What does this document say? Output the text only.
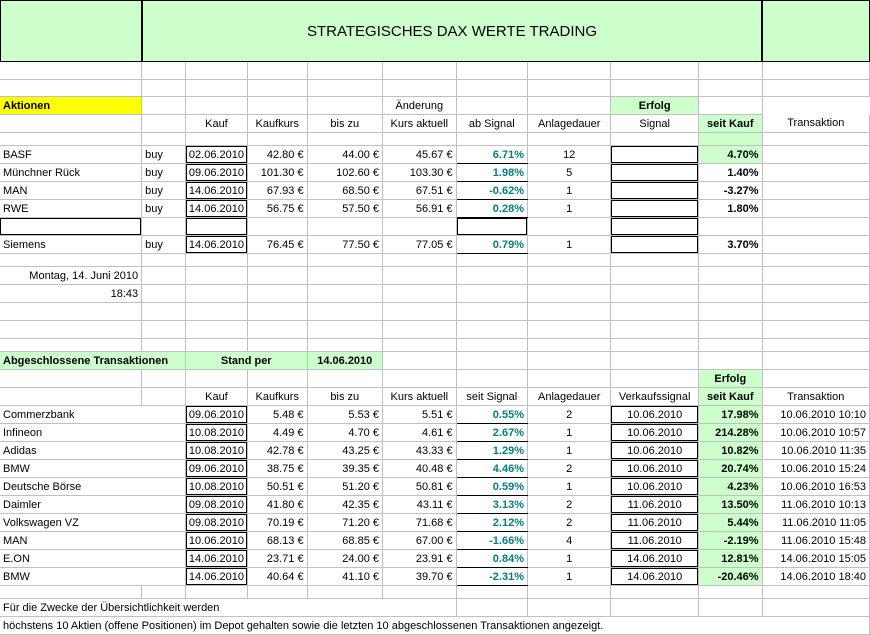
STRATEGISCHES DAX WERTE TRADING

Aktionen					Änderung			Erfolg		
		Kauf	Kaufkurs	bis zu	Kurs aktuell	ab Signal	Anlagedauer	Signal	seit Kauf	Transaktion

BASF	buy	02.06.2010	42.80 €	44.00 €	45.67 €	6.71%	12		4.70%	
Münchner Rück	buy	09.06.2010	101.30 €	102.60 €	103.30 €	1.98%	5		1.40%	
MAN	buy	14.06.2010	67.93 €	68.50 €	67.51 €	-0.62%	1		-3.27%	
RWE	buy	14.06.2010	56.75 €	57.50 €	56.91 €	0.28%	1		1.80%	

Siemens	buy	14.06.2010	76.45 €	77.50 €	77.05 €	0.79%	1		3.70%	

Montag, 14. Juni 2010										
18:43										

Abgeschlossene Transaktionen		Stand per		14.06.2010						
									Erfolg	
		Kauf	Kaufkurs	bis zu	Kurs aktuell	seit Signal	Anlagedauer	Verkaufssignal	seit Kauf	Transaktion
Commerzbank		09.06.2010	5.48 €	5.53 €	5.51 €	0.55%	2	10.06.2010	17.98%	10.06.2010 10:10
Infineon		10.08.2010	4.49 €	4.70 €	4.61 €	2.67%	1	10.06.2010	214.28%	10.06.2010 10:57
Adidas		10.08.2010	42.78 €	43.25 €	43.33 €	1.29%	1	10.06.2010	10.82%	10.06.2010 11:35
BMW		09.06.2010	38.75 €	39.35 €	40.48 €	4.46%	2	10.06.2010	20.74%	10.06.2010 15:24
Deutsche Börse		10.08.2010	50.51 €	51.20 €	50.81 €	0.59%	1	10.06.2010	4.23%	10.06.2010 16:53
Daimler		09.08.2010	41.80 €	42.35 €	43.11 €	3.13%	2	11.06.2010	13.50%	11.06.2010 10:13
Volkswagen VZ		09.08.2010	70.19 €	71.20 €	71.68 €	2.12%	2	11.06.2010	5.44%	11.06.2010 11:05
MAN		10.06.2010	68.13 €	68.85 €	67.00 €	-1.66%	4	11.06.2010	-2.19%	11.06.2010 15:48
E.ON		14.06.2010	23.71 €	24.00 €	23.91 €	0.84%	1	14.06.2010	12.81%	14.06.2010 15:05
BMW		14.06.2010	40.64 €	41.10 €	39.70 €	-2.31%	1	14.06.2010	-20.46%	14.06.2010 18:40

Für die Zwecke der Übersichtlichkeit werden										
höchstens 10 Aktien (offene Positionen) im Depot gehalten sowie die letzten 10 abgeschlossenen Transaktionen angezeigt.										
